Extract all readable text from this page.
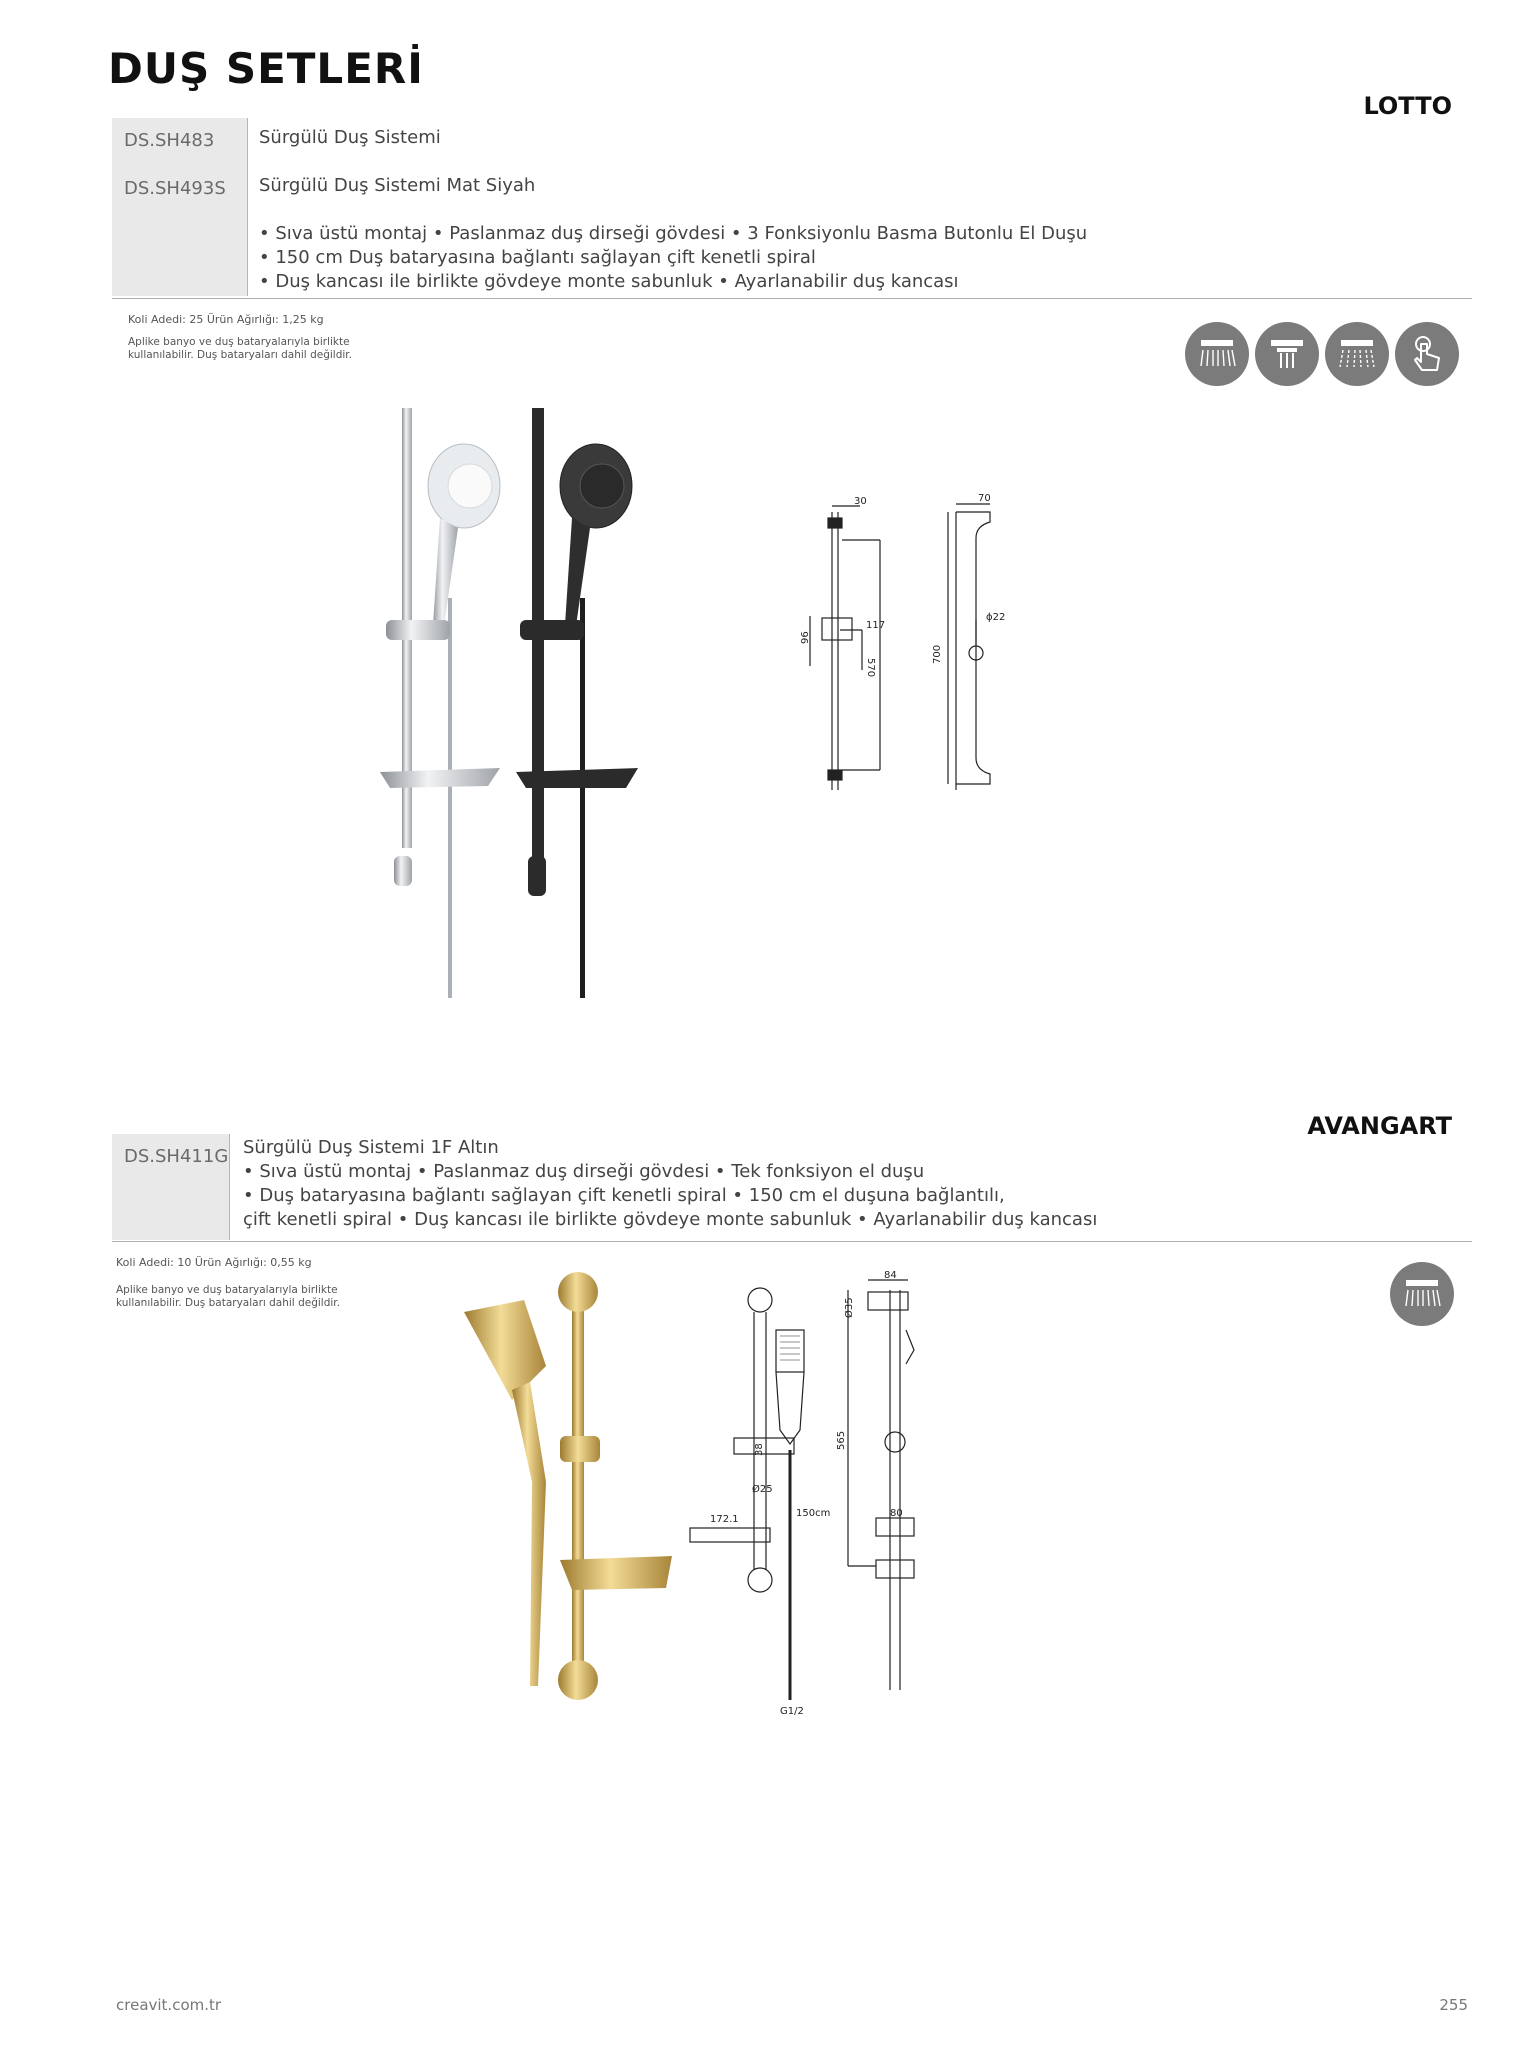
DUŞ SETLERİ
LOTTO
DS.SH483
DS.SH493S
Sürgülü Duş Sistemi
Sürgülü Duş Sistemi Mat Siyah
• Sıva üstü montaj • Paslanmaz duş dirseği gövdesi • 3 Fonksiyonlu Basma Butonlu El Duşu
• 150 cm Duş bataryasına bağlantı sağlayan çift kenetli spiral
• Duş kancası ile birlikte gövdeye monte sabunluk • Ayarlanabilir duş kancası
Koli Adedi: 25 Ürün Ağırlığı: 1,25 kg
Aplike banyo ve duş bataryalarıyla birlikte kullanılabilir. Duş bataryaları dahil değildir.
30
117
96
570
70
700
ϕ22
AVANGART
DS.SH411G Sürgülü Duş Sistemi 1F Altın
• Sıva üstü montaj • Paslanmaz duş dirseği gövdesi • Tek fonksiyon el duşu
• Duş bataryasına bağlantı sağlayan çift kenetli spiral • 150 cm el duşuna bağlantılı,
çift kenetli spiral • Duş kancası ile birlikte gövdeye monte sabunluk • Ayarlanabilir duş kancası
Koli Adedi: 10 Ürün Ağırlığı: 0,55 kg
Aplike banyo ve duş bataryalarıyla birlikte kullanılabilir. Duş bataryaları dahil değildir.
38
Ø25
172.1
150cm
G1/2
84
Ø35
565
80
creavit.com.tr	255
